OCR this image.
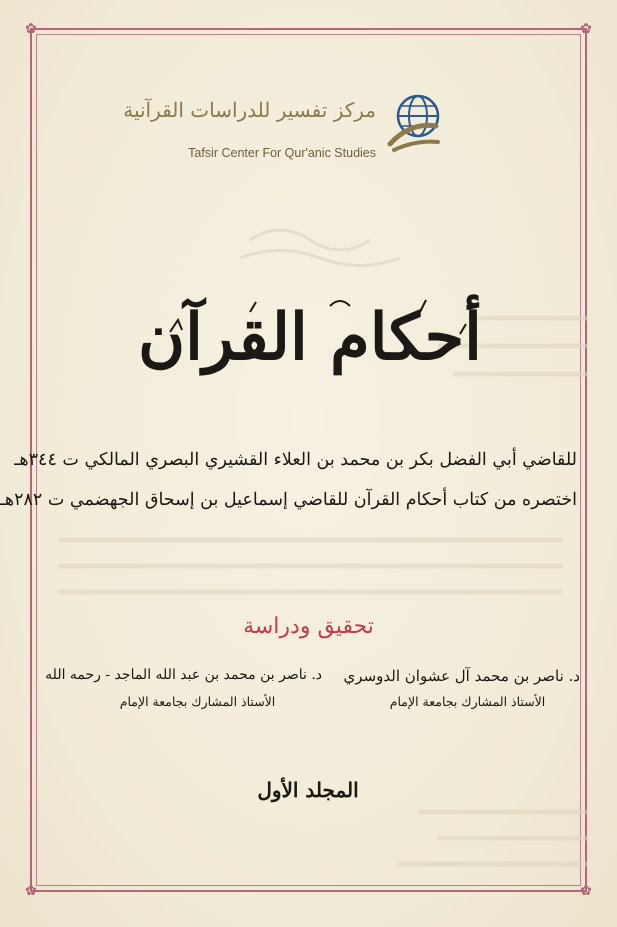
✿	✿
✿	✿
مركز تفسير للدراسات القرآنية
Tafsir Center For Qur'anic Studies
أحكام القرآن
للقاضي أبي الفضل بكر بن محمد بن العلاء القشيري البصري المالكي ت ٣٤٤هـ
اختصره من كتاب أحكام القرآن للقاضي إسماعيل بن إسحاق الجهضمي ت ٢٨٢هـ
تحقيق ودراسة
د. ناصر بن محمد آل عشوان الدوسري
الأستاذ المشارك بجامعة الإمام
د. ناصر بن محمد بن عبد الله الماجد - رحمه الله
الأستاذ المشارك بجامعة الإمام
المجلد الأول
